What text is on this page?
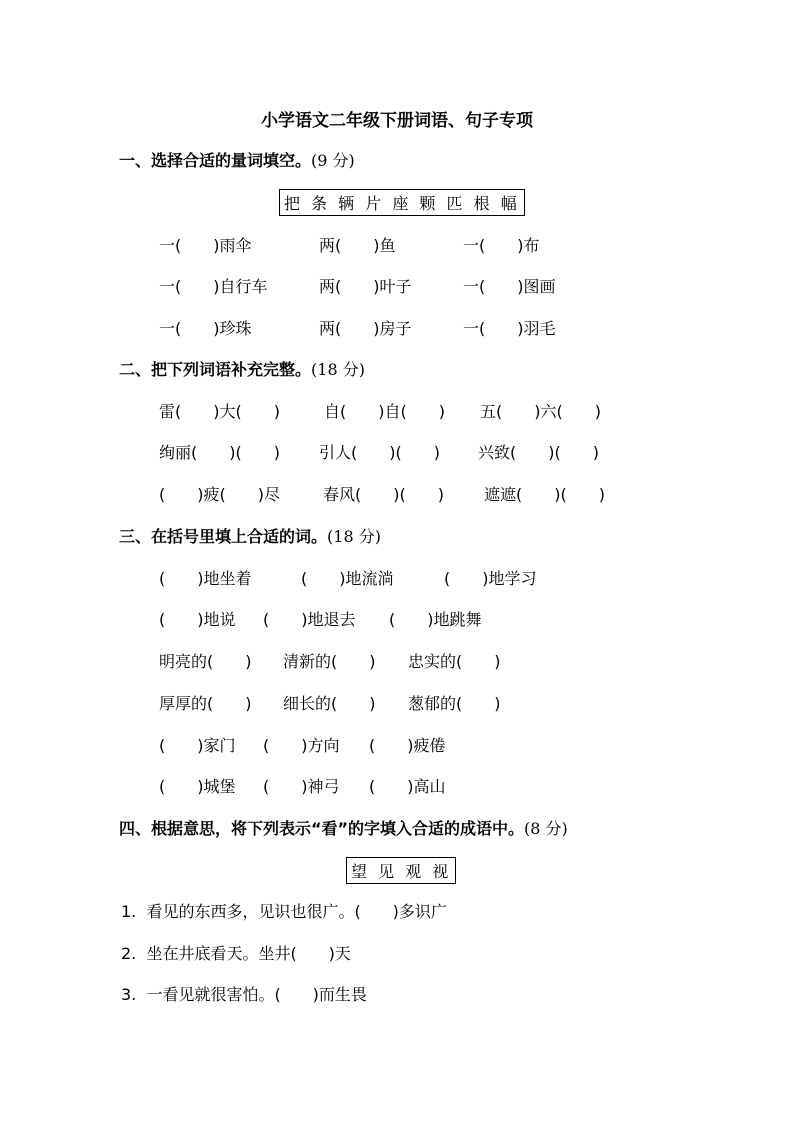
小学语文二年级下册词语、句子专项
一、选择合适的量词填空。(9 分)
把 条 辆 片 座 颗 匹 根 幅
一(　　)雨伞	两(　　)鱼	一(　　)布
一(　　)自行车	两(　　)叶子	一(　　)图画
一(　　)珍珠	两(　　)房子	一(　　)羽毛
二、把下列词语补充完整。(18 分)
雷(　　)大(　　)	自(　　)自(　　) 五(　　)六(　　)
绚丽(　　)(　　) 引人(　　)(　　) 兴致(　　)(　　)
(　　)疲(　　)尽	春风(　　)(　　)	遮遮(　　)(　　)
三、在括号里填上合适的词。(18 分)
(　　)地坐着	(　　)地流淌	(　　)地学习
(　　)地说 (　　)地退去 (　　)地跳舞
明亮的(　　) 清新的(　　) 忠实的(　　)
厚厚的(　　) 细长的(　　) 葱郁的(　　)
(　　)家门 (　　)方向 (　　)疲倦
(　　)城堡 (　　)神弓 (　　)高山
四、根据意思，将下列表示“看”的字填入合适的成语中。(8 分)
望 见 观 视
1. 看见的东西多，见识也很广。(　　)多识广
2. 坐在井底看天。坐井(　　)天
3. 一看见就很害怕。(　　)而生畏
